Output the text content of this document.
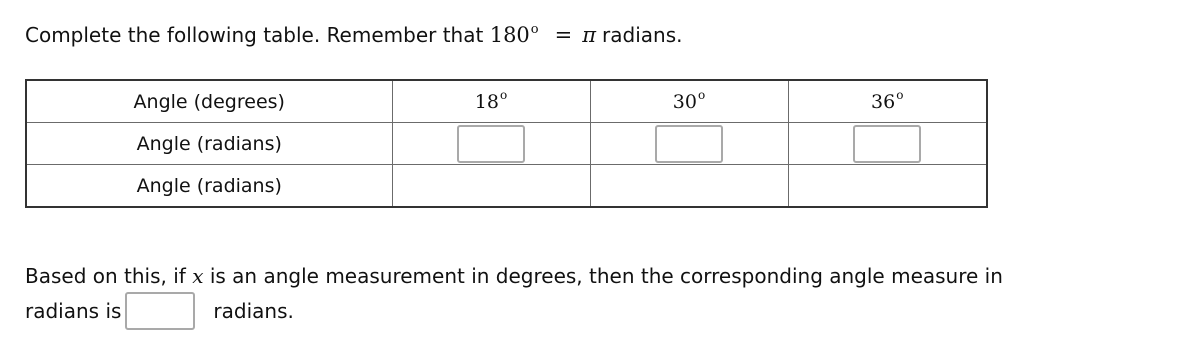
Complete the following table. Remember that $180^o = \pi$ radians.
Angle (degrees)	18$^o$	30$^o$	36$^o$
Angle (radians)			
Angle (radians)			
Based on this, if x is an angle measurement in degrees, then the corresponding angle measure in
radians is	radians.
